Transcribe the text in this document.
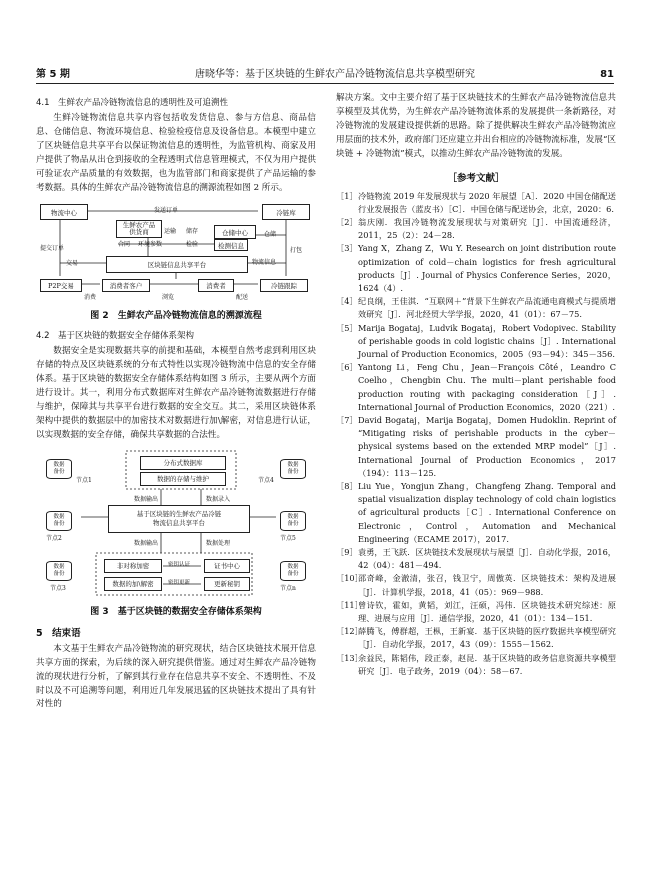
第 5 期	唐晓华等：基于区块链的生鲜农产品冷链物流信息共享模型研究	81
4.1　生鲜农产品冷链物流信息的透明性及可追溯性

生鲜冷链物流信息共享内容包括收发货信息、参与方信息、商品信息、仓储信息、物流环境信息、检验检疫信息及设备信息。本模型中建立了区块链信息共享平台以保证物流信息的透明性，为监管机构、商家及用户提供了物品从出仓到接收的全程透明式信息管理模式，不仅为用户提供可验证农产品质量的有效数据，也为监管部门和商家提供了产品运输的参考数据。具体的生鲜农产品冷链物流信息的溯源流程如图 2 所示。

物流中心	冷链库
生鲜农产品
供货商	仓储中心
检测信息
区块链信息共享平台
P2P交易	消费者客户	消费者	冷链跟踪
发送订单
运输 储存	仓储
合同 环境参数	检验
提交订单
交易	物流信息
打包
浏览	配送
消费
图 2　生鲜农产品冷链物流信息的溯源流程
4.2　基于区块链的数据安全存储体系架构

数据安全是实现数据共享的前提和基础，本模型自然考虑到利用区块存储的特点及区块链系统的分布式特性以实现冷链物流中信息的安全存储体系。基于区块链的数据安全存储体系结构如图 3 所示，主要从两个方面进行设计。其一，利用分布式数据库对生鲜农产品冷链物流数据进行存储与维护，保障其与共享平台进行数据的安全交互。其二，采用区块链体系架构中提供的数据层中的加密技术对数据进行加\解密，对信息进行认证，以实现数据的安全存储，确保共享数据的合法性。

分布式数据库
数据的存储与维护
数据输出	数据录入
基于区块链的生鲜农产品冷链
物流信息共享平台
数据输出	数据处理
非对称加密
数据的加\解密
证书中心
更新秘钥
密钥认证
密钥更新
数据
备份
节点1
数据
备份
节点2
数据
备份
节点3
数据
备份
节点4
数据
备份
节点5
数据
备份
节点n
图 3　基于区块链的数据安全存储体系架构
5　结束语

本文基于生鲜农产品冷链物流的研究现状，结合区块链技术展开信息共享方面的探索，为后续的深入研究提供借鉴。通过对生鲜农产品冷链物流的现状进行分析，了解到其行业存在信息共享不安全、不透明性、不及时以及不可追溯等问题，利用近几年发展迅猛的区块链技术提出了具有针对性的

解决方案。文中主要介绍了基于区块链技术的生鲜农产品冷链物流信息共享模型及其优势，为生鲜农产品冷链物流体系的发展提供一条新路径，对冷链物流的发展建设提供新的思路。除了提供解决生鲜农产品冷链物流应用层面的技术外，政府部门还应建立并出台相应的冷链物流标准，发展“区块链 + 冷链物流”模式，以推动生鲜农产品冷链物流的发展。

［参考文献］
［1］ 冷链物流 2019 年发展现状与 2020 年展望［A］．2020 中国仓储配送行业发展报告（蓝皮书）［C］．中国仓储与配送协会，北京，2020：6.
［2］ 翁庆刚．我国冷链物流发展现状与对策研究［J］．中国流通经济，2011，25（2）：24－28.
［3］ Yang X，Zhang Z，Wu Y. Research on joint distribution route optimization of cold－chain logistics for fresh agricultural products［J］. Journal of Physics Conference Series，2020，1624（4）.
［4］ 纪良纲，王佳淇．“互联网＋”背景下生鲜农产品流通电商模式与提质增效研究［J］．河北经贸大学学报，2020，41（01）：67－75.
［5］ Marija Bogataj，Ludvik Bogataj，Robert Vodopivec. Stability of perishable goods in cold logistic chains［J］. International Journal of Production Economics，2005（93－94）：345－356.
［6］ Yantong Li，Feng Chu，Jean－François Côté，Leandro C Coelho，Chengbin Chu. The multi－plant perishable food production routing with packaging consideration［J］. International Journal of Production Economics，2020（221）.
［7］ David Bogataj，Marija Bogataj，Domen Hudoklin. Reprint of “Mitigating risks of perishable products in the cyber－physical systems based on the extended MRP model”［J］. International Journal of Production Economics，2017（194）：113－125.
［8］ Liu Yue，Yongjun Zhang，Changfeng Zhang. Temporal and spatial visualization display technology of cold chain logistics of agricultural products［C］. International Conference on Electronic，Control，Automation and Mechanical Engineering（ECAME 2017），2017.
［9］ 袁勇，王飞跃．区块链技术发展现状与展望［J］．自动化学报，2016，42（04）：481－494.
［10］
邵奇峰，金澈清，张召，钱卫宁，周傲英．区块链技术：架构及进展［J］．计算机学报，2018，41（05）：969－988.
［11］
曾诗钦，霍如，黄韬，刘江，汪硕，冯伟．区块链技术研究综述：原理、进展与应用［J］．通信学报，2020，41（01）：134－151.
［12］
薛腾飞，傅群超，王枞，王新宴．基于区块链的医疗数据共享模型研究［J］．自动化学报，2017，43（09）：1555－1562.
［13］
余益民，陈韬伟，段正泰，赵昆．基于区块链的政务信息资源共享模型研究［J］．电子政务，2019（04）：58－67.
